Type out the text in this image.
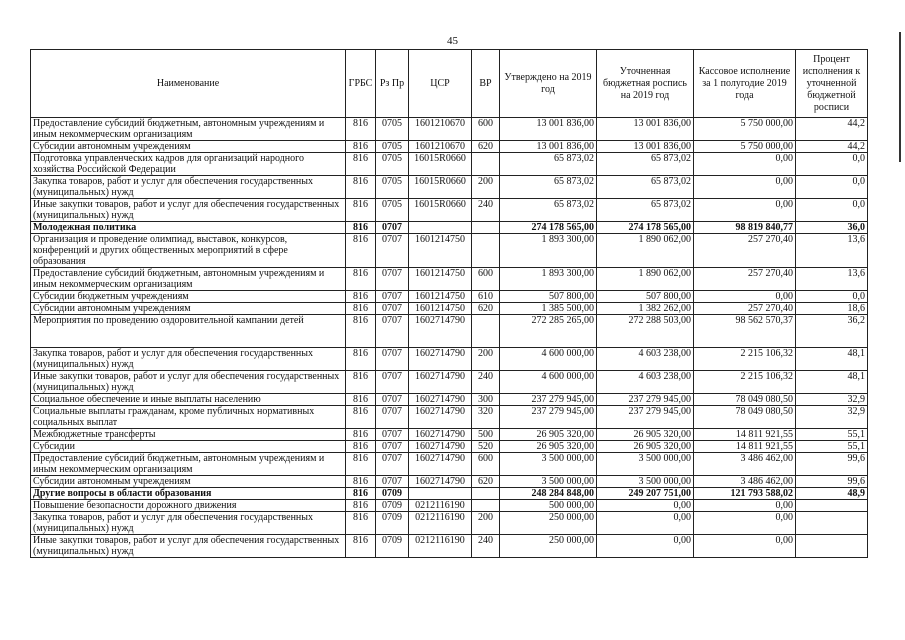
45
Наименование	ГРБС	Рз Пр	ЦСР	ВР	Утверждено на 2019 год	Уточненная бюджетная роспись на 2019 год	Кассовое исполнение за 1 полугодие 2019 года	Процент исполнения к уточненной бюджетной росписи
Предоставление субсидий бюджетным, автономным учреждениям и иным некоммерческим организациям	816	0705	1601210670	600	13 001 836,00	13 001 836,00	5 750 000,00	44,2
Субсидии автономным учреждениям	816	0705	1601210670	620	13 001 836,00	13 001 836,00	5 750 000,00	44,2
Подготовка управленческих кадров для организаций народного хозяйства Российской Федерации	816	0705	16015R0660		65 873,02	65 873,02	0,00	0,0
Закупка товаров, работ и услуг для обеспечения государственных (муниципальных) нужд	816	0705	16015R0660	200	65 873,02	65 873,02	0,00	0,0
Иные закупки товаров, работ и услуг для обеспечения государственных (муниципальных) нужд	816	0705	16015R0660	240	65 873,02	65 873,02	0,00	0,0
Молодежная политика	816	0707			274 178 565,00	274 178 565,00	98 819 840,77	36,0
Организация и проведение олимпиад, выставок, конкурсов, конференций и других общественных мероприятий в сфере образования	816	0707	1601214750		1 893 300,00	1 890 062,00	257 270,40	13,6
Предоставление субсидий бюджетным, автономным учреждениям и иным некоммерческим организациям	816	0707	1601214750	600	1 893 300,00	1 890 062,00	257 270,40	13,6
Субсидии бюджетным учреждениям	816	0707	1601214750	610	507 800,00	507 800,00	0,00	0,0
Субсидии автономным учреждениям	816	0707	1601214750	620	1 385 500,00	1 382 262,00	257 270,40	18,6
Мероприятия по проведению оздоровительной кампании детей	816	0707	1602714790		272 285 265,00	272 288 503,00	98 562 570,37	36,2
Закупка товаров, работ и услуг для обеспечения государственных (муниципальных) нужд	816	0707	1602714790	200	4 600 000,00	4 603 238,00	2 215 106,32	48,1
Иные закупки товаров, работ и услуг для обеспечения государственных (муниципальных) нужд	816	0707	1602714790	240	4 600 000,00	4 603 238,00	2 215 106,32	48,1
Социальное обеспечение и иные выплаты населению	816	0707	1602714790	300	237 279 945,00	237 279 945,00	78 049 080,50	32,9
Социальные выплаты гражданам, кроме публичных нормативных социальных выплат	816	0707	1602714790	320	237 279 945,00	237 279 945,00	78 049 080,50	32,9
Межбюджетные трансферты	816	0707	1602714790	500	26 905 320,00	26 905 320,00	14 811 921,55	55,1
Субсидии	816	0707	1602714790	520	26 905 320,00	26 905 320,00	14 811 921,55	55,1
Предоставление субсидий бюджетным, автономным учреждениям и иным некоммерческим организациям	816	0707	1602714790	600	3 500 000,00	3 500 000,00	3 486 462,00	99,6
Субсидии автономным учреждениям	816	0707	1602714790	620	3 500 000,00	3 500 000,00	3 486 462,00	99,6
Другие вопросы в области образования	816	0709			248 284 848,00	249 207 751,00	121 793 588,02	48,9
Повышение безопасности дорожного движения	816	0709	0212116190		500 000,00	0,00	0,00	
Закупка товаров, работ и услуг для обеспечения государственных (муниципальных) нужд	816	0709	0212116190	200	250 000,00	0,00	0,00	
Иные закупки товаров, работ и услуг для обеспечения государственных (муниципальных) нужд	816	0709	0212116190	240	250 000,00	0,00	0,00	
